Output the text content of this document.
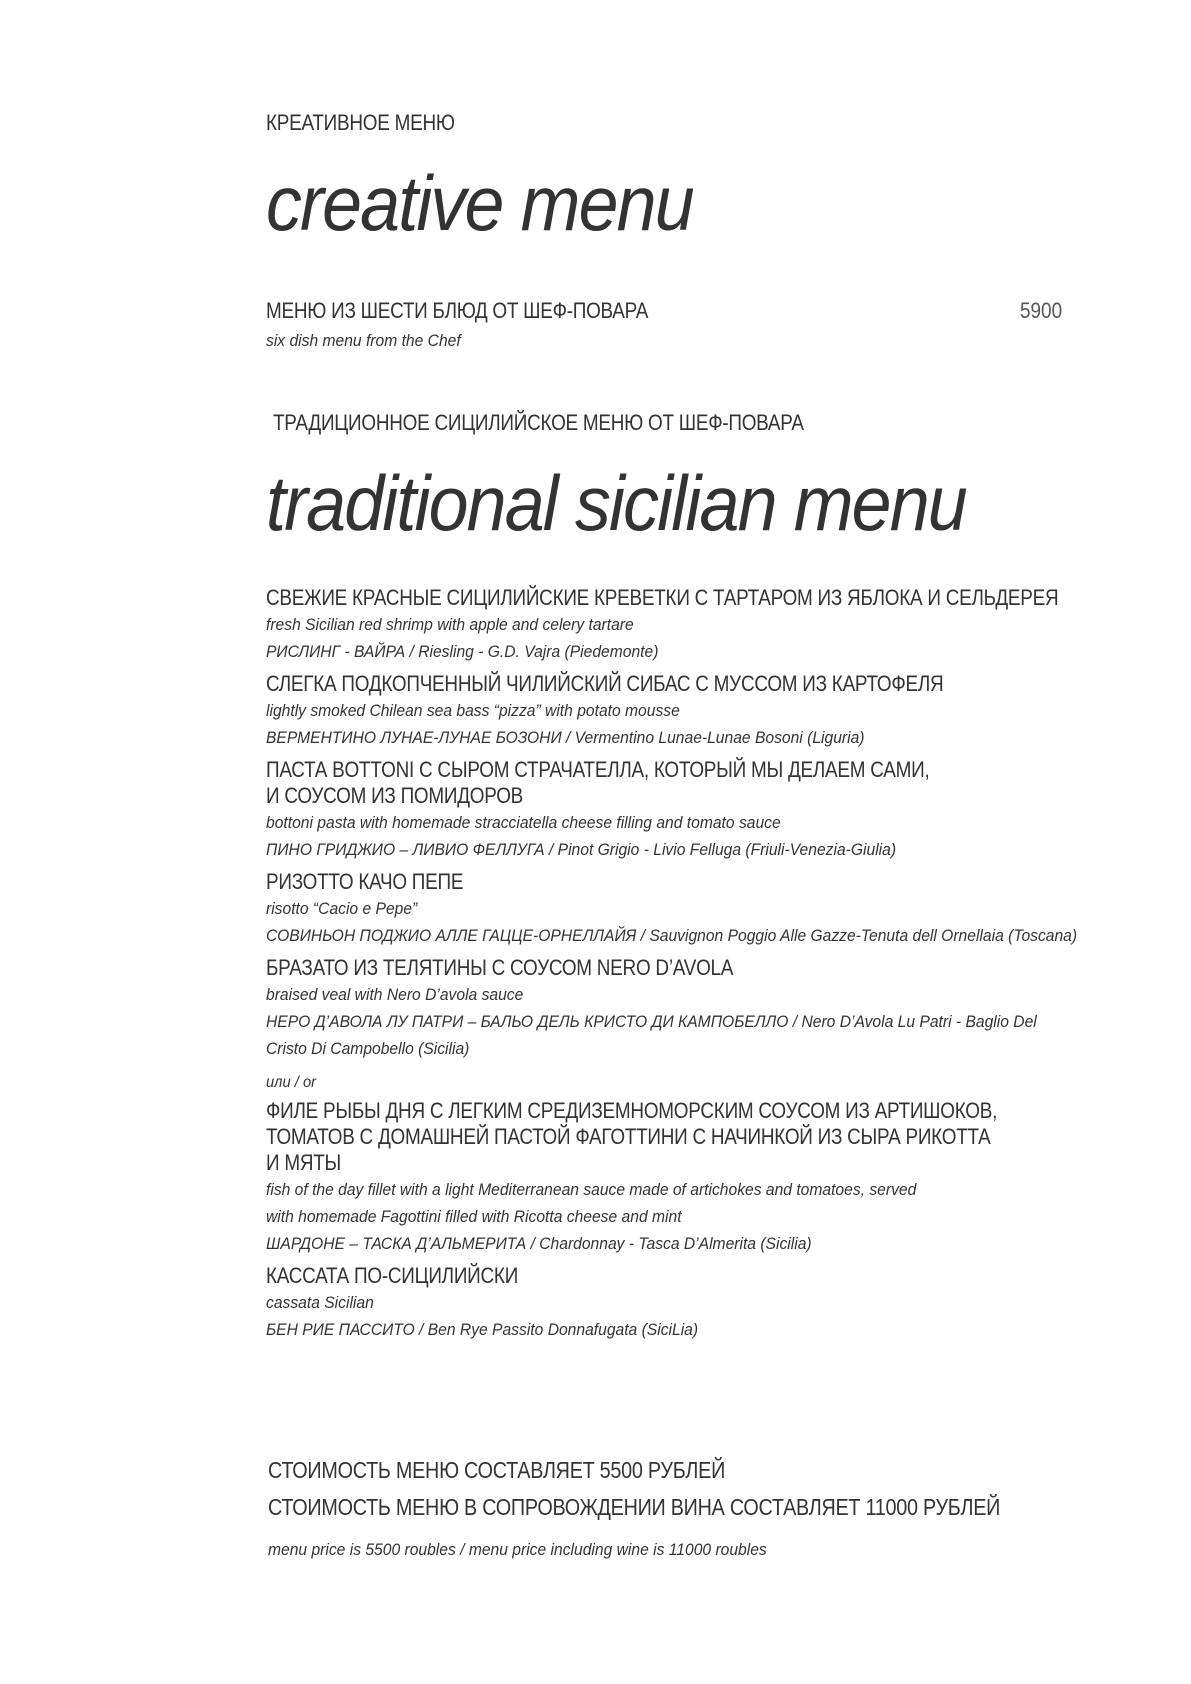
КРЕАТИВНОЕ МЕНЮ
creative menu
МЕНЮ ИЗ ШЕСТИ БЛЮД ОТ ШЕФ-ПОВАРА	5900
six dish menu from the Chef
ТРАДИЦИОННОЕ СИЦИЛИЙСКОЕ МЕНЮ ОТ ШЕФ-ПОВАРА
traditional sicilian menu
СВЕЖИЕ КРАСНЫЕ СИЦИЛИЙСКИЕ КРЕВЕТКИ С ТАРТАРОМ ИЗ ЯБЛОКА И СЕЛЬДЕРЕЯ
fresh Sicilian red shrimp with apple and celery tartare
РИСЛИНГ - ВАЙРА / Riesling - G.D. Vajra (Piedemonte)
СЛЕГКА ПОДКОПЧЕННЫЙ ЧИЛИЙСКИЙ СИБАС С МУССОМ ИЗ КАРТОФЕЛЯ
lightly smoked Chilean sea bass “pizza” with potato mousse
ВЕРМЕНТИНО ЛУНАЕ-ЛУНАЕ БОЗОНИ / Vermentino Lunae-Lunae Bosoni (Liguria)
ПАСТА BOTTONI С СЫРОМ СТРАЧАТЕЛЛА, КОТОРЫЙ МЫ ДЕЛАЕМ САМИ,
И СОУСОМ ИЗ ПОМИДОРОВ
bottoni pasta with homemade stracciatella cheese filling and tomato sauce
ПИНО ГРИДЖИО – ЛИВИО ФЕЛЛУГА / Pinot Grigio - Livio Felluga (Friuli-Venezia-Giulia)
РИЗОТТО КАЧО ПЕПЕ
risotto “Cacio e Pepe”
СОВИНЬОН ПОДЖИО АЛЛЕ ГАЦЦЕ-ОРНЕЛЛАЙЯ / Sauvignon Poggio Alle Gazze-Tenuta dell Ornellaia (Toscana)
БРАЗАТО ИЗ ТЕЛЯТИНЫ С СОУСОМ NERO D’AVOLA
braised veal with Nero D’avola sauce
НЕРО Д’АВОЛА ЛУ ПАТРИ – БАЛЬО ДЕЛЬ КРИСТО ДИ КАМПОБЕЛЛО / Nero D’Avola Lu Patri - Baglio Del
Cristo Di Campobello (Sicilia)
или / or
ФИЛЕ РЫБЫ ДНЯ С ЛЕГКИМ СРЕДИЗЕМНОМОРСКИМ СОУСОМ ИЗ АРТИШОКОВ,
ТОМАТОВ С ДОМАШНЕЙ ПАСТОЙ ФАГОТТИНИ С НАЧИНКОЙ ИЗ СЫРА РИКОТТА
И МЯТЫ
fish of the day fillet with a light Mediterranean sauce made of artichokes and tomatoes, served
with homemade Fagottini filled with Ricotta cheese and mint
ШАРДОНЕ – ТАСКА Д’АЛЬМЕРИТА / Chardonnay - Tasca D’Almerita (Sicilia)
КАССАТА ПО-СИЦИЛИЙСКИ
cassata Sicilian
БЕН РИЕ ПАССИТО / Ben Rye Passito Donnafugata (SiciLia)
СТОИМОСТЬ МЕНЮ СОСТАВЛЯЕТ 5500 РУБЛЕЙ
СТОИМОСТЬ МЕНЮ В СОПРОВОЖДЕНИИ ВИНА СОСТАВЛЯЕТ 11000 РУБЛЕЙ
menu price is 5500 roubles / menu price including wine is 11000 roubles
